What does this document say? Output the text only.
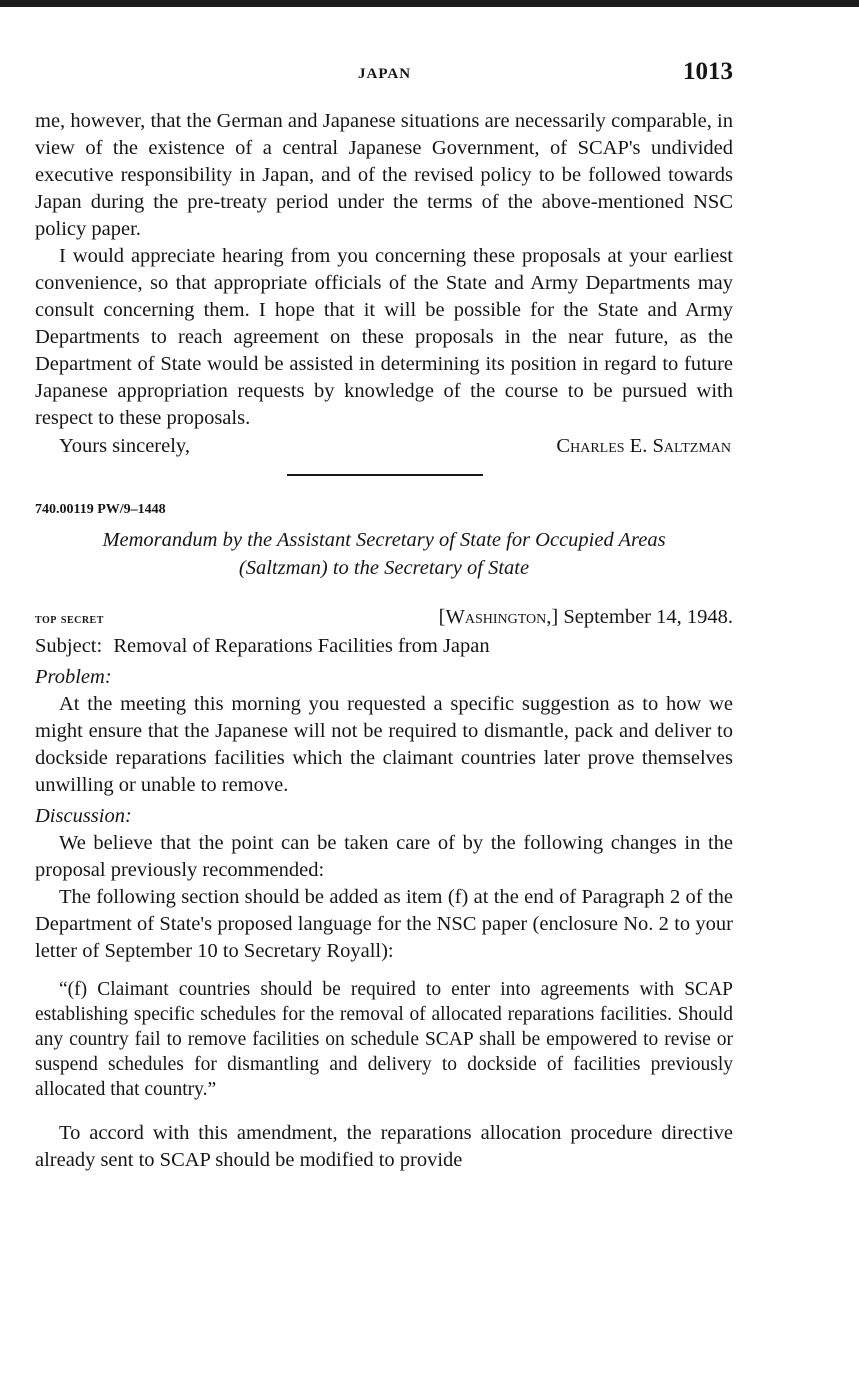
JAPAN	1013

me, however, that the German and Japanese situations are necessarily comparable, in view of the existence of a central Japanese Government, of SCAP's undivided executive responsibility in Japan, and of the revised policy to be followed towards Japan during the pre-treaty period under the terms of the above-mentioned NSC policy paper.

I would appreciate hearing from you concerning these proposals at your earliest convenience, so that appropriate officials of the State and Army Departments may consult concerning them. I hope that it will be possible for the State and Army Departments to reach agreement on these proposals in the near future, as the Department of State would be assisted in determining its position in regard to future Japanese appropriation requests by knowledge of the course to be pursued with respect to these proposals.

Yours sincerely,	Charles E. Saltzman
740.00119 PW/9–1448
Memorandum by the Assistant Secretary of State for Occupied Areas
(Saltzman) to the Secretary of State
top secret	[Washington,] September 14, 1948.
Subject: Removal of Reparations Facilities from Japan
Problem:

At the meeting this morning you requested a specific suggestion as to how we might ensure that the Japanese will not be required to dismantle, pack and deliver to dockside reparations facilities which the claimant countries later prove themselves unwilling or unable to remove.

Discussion:

We believe that the point can be taken care of by the following changes in the proposal previously recommended:

The following section should be added as item (f) at the end of Paragraph 2 of the Department of State's proposed language for the NSC paper (enclosure No. 2 to your letter of September 10 to Secretary Royall):

“(f) Claimant countries should be required to enter into agreements with SCAP establishing specific schedules for the removal of allocated reparations facilities. Should any country fail to remove facilities on schedule SCAP shall be empowered to revise or suspend schedules for dismantling and delivery to dockside of facilities previously allocated that country.”

To accord with this amendment, the reparations allocation procedure directive already sent to SCAP should be modified to provide
